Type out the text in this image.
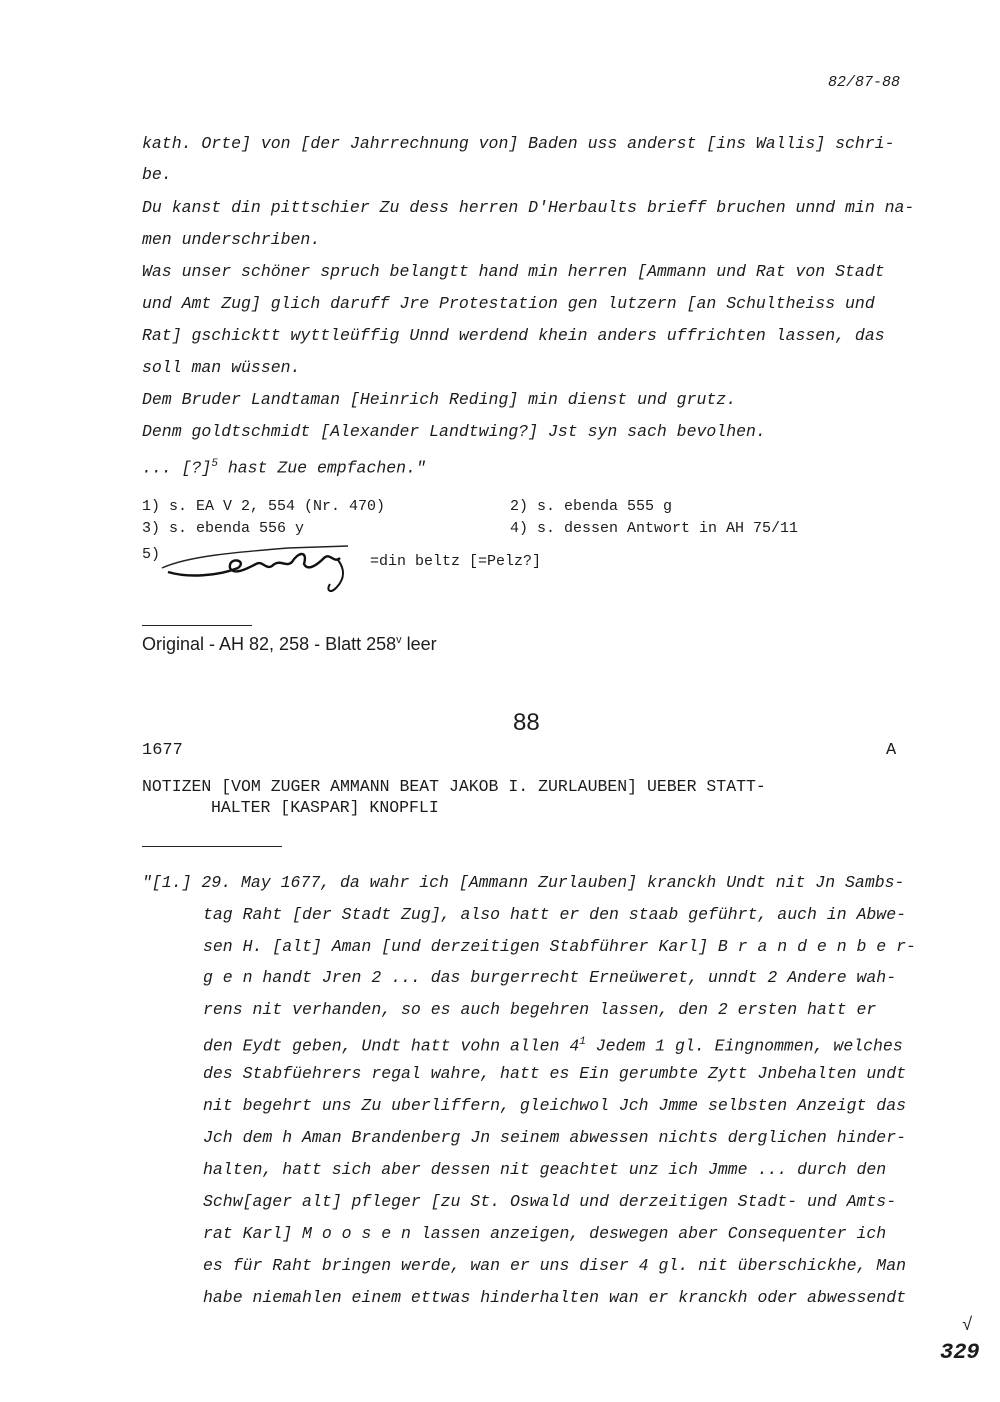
82/87-88
kath. Orte] von [der Jahrrechnung von] Baden uss anderst [ins Wallis] schri-
be.
Du kanst din pittschier Zu dess herren D'Herbaults brieff bruchen unnd min na-
men underschriben.
Was unser schöner spruch belangtt hand min herren [Ammann und Rat von Stadt
und Amt Zug] glich daruff Jre Protestation gen lutzern [an Schultheiss und
Rat] gschicktt wyttleüffig Unnd werdend khein anders uffrichten lassen, das
soll man wüssen.
Dem Bruder Landtaman [Heinrich Reding] min dienst und grutz.
Denm goldtschmidt [Alexander Landtwing?] Jst syn sach bevolhen.
... [?]$^5$ hast Zue empfachen."
1) s. EA V 2, 554 (Nr. 470)	2) s. ebenda 555 g
3) s. ebenda 556 y	4) s. dessen Antwort in AH 75/11
5)	=din beltz [=Pelz?]
Original - AH 82, 258 - Blatt 258$^v$ leer
88
1677	A
NOTIZEN [VOM ZUGER AMMANN BEAT JAKOB I. ZURLAUBEN] UEBER STATT-
HALTER [KASPAR] KNOPFLI
"[1.] 29. May 1677, da wahr ich [Ammann Zurlauben] kranckh Undt nit Jn Sambs-
tag Raht [der Stadt Zug], also hatt er den staab geführt, auch in Abwe-
sen H. [alt] Aman [und derzeitigen Stabführer Karl] B r a n d e n b e r-
g e n handt Jren 2 ... das burgerrecht Erneüweret, unndt 2 Andere wah-
rens nit verhanden, so es auch begehren lassen, den 2 ersten hatt er
den Eydt geben, Undt hatt vohn allen $4^1$ Jedem 1 gl. Eingnommen, welches
des Stabfüehrers regal wahre, hatt es Ein gerumbte Zytt Jnbehalten undt
nit begehrt uns Zu uberliffern, gleichwol Jch Jmme selbsten Anzeigt das
Jch dem h Aman Brandenberg Jn seinem abwessen nichts derglichen hinder-
halten, hatt sich aber dessen nit geachtet unz ich Jmme ... durch den
Schw[ager alt] pfleger [zu St. Oswald und derzeitigen Stadt- und Amts-
rat Karl] M o o s e n lassen anzeigen, deswegen aber Consequenter ich
es für Raht bringen werde, wan er uns diser 4 gl. nit überschickhe, Man
habe niemahlen einem ettwas hinderhalten wan er kranckh oder abwessendt
√
329
